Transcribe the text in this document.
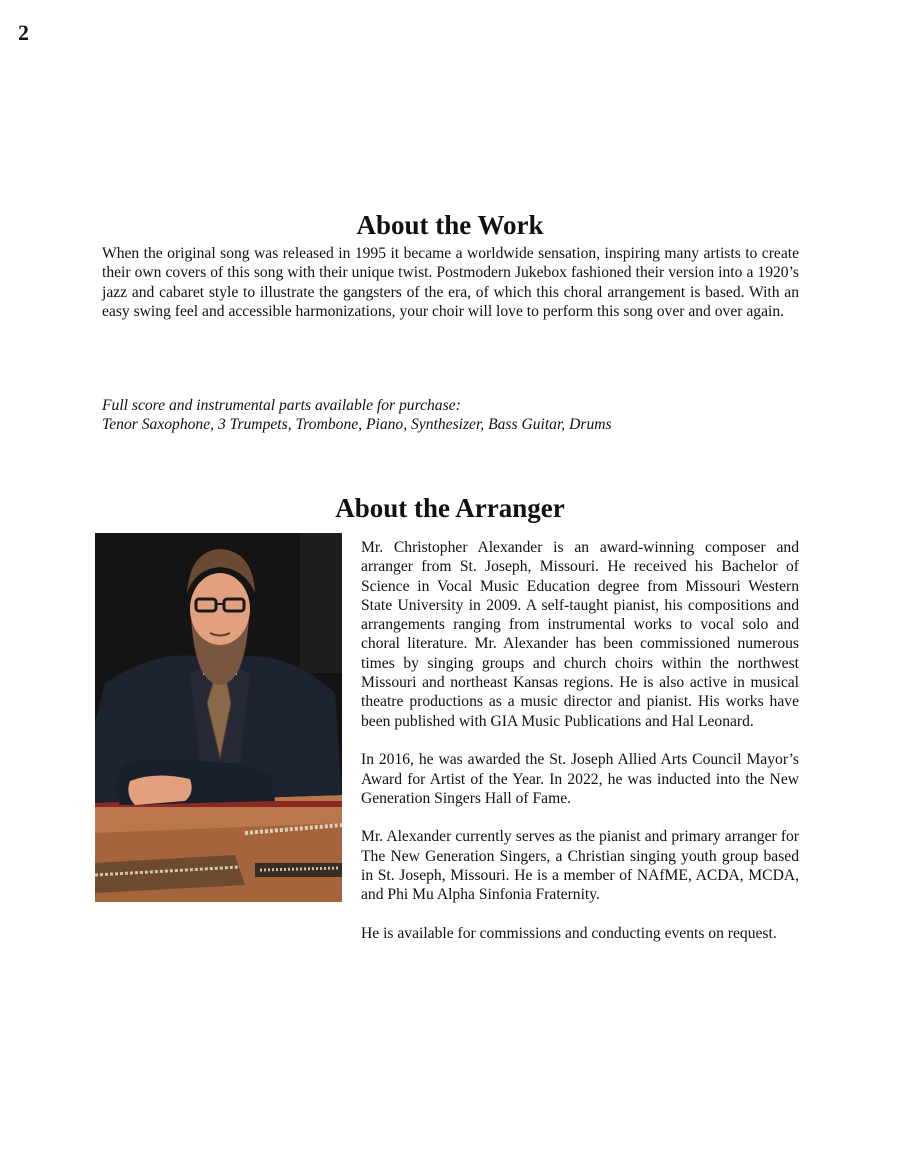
2
About the Work

When the original song was released in 1995 it became a worldwide sensation, inspiring many artists to create their own covers of this song with their unique twist. Postmodern Jukebox fashioned their version into a 1920’s jazz and cabaret style to illustrate the gangsters of the era, of which this choral arrangement is based. With an easy swing feel and accessible harmonizations, your choir will love to perform this song over and over again.

Full score and instrumental parts available for purchase:
Tenor Saxophone, 3 Trumpets, Trombone, Piano, Synthesizer, Bass Guitar, Drums
About the Arranger

Mr. Christopher Alexander is an award-winning composer and arranger from St. Joseph, Missouri. He received his Bachelor of Science in Vocal Music Education degree from Missouri Western State University in 2009. A self-taught pianist, his compositions and arrangements ranging from instrumental works to vocal solo and choral literature. Mr. Alexander has been commissioned numerous times by singing groups and church choirs within the northwest Missouri and northeast Kansas regions. He is also active in musical theatre productions as a music director and pianist. His works have been published with GIA Music Publications and Hal Leonard.

In 2016, he was awarded the St. Joseph Allied Arts Council Mayor’s Award for Artist of the Year. In 2022, he was inducted into the New Generation Singers Hall of Fame.

Mr. Alexander currently serves as the pianist and primary arranger for The New Generation Singers, a Christian singing youth group based in St. Joseph, Missouri. He is a member of NAfME, ACDA, MCDA, and Phi Mu Alpha Sinfonia Fraternity.

He is available for commissions and conducting events on request.
